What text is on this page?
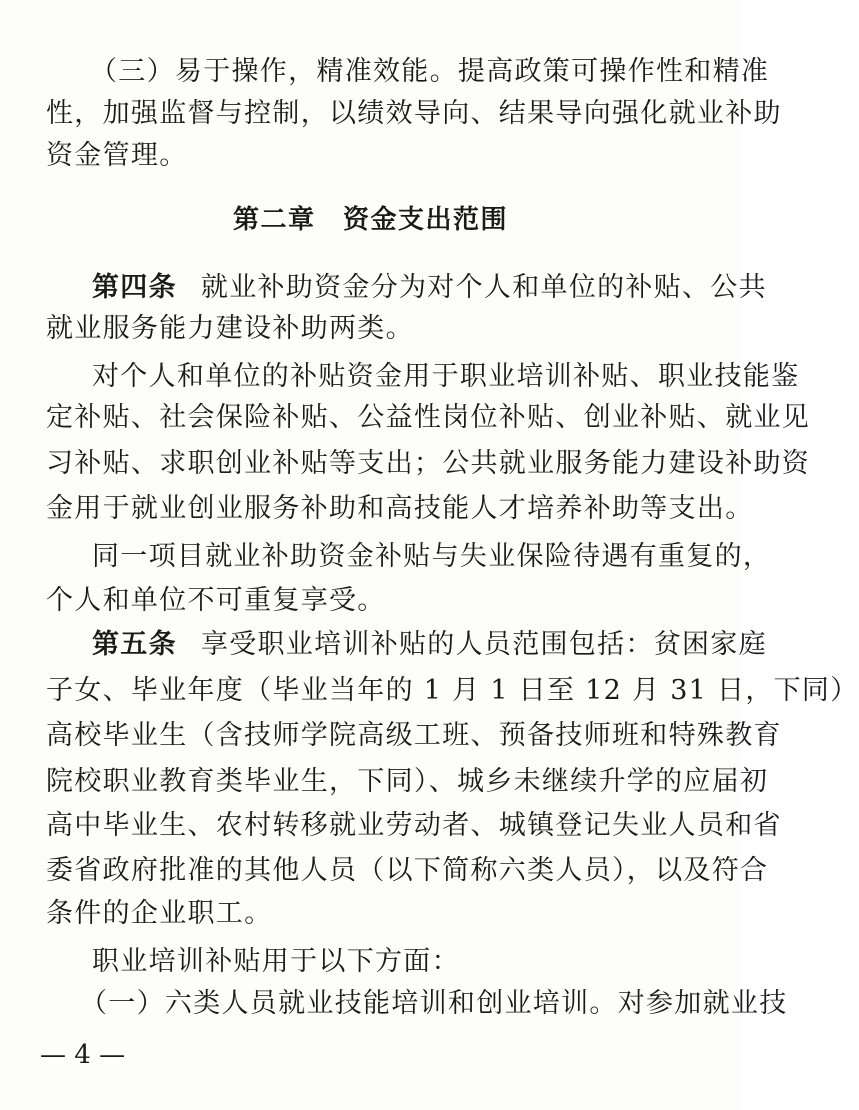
（三）易于操作，精准效能。提高政策可操作性和精准
性，加强监督与控制，以绩效导向、结果导向强化就业补助
资金管理。
第二章　资金支出范围
第四条 就业补助资金分为对个人和单位的补贴、公共
就业服务能力建设补助两类。
对个人和单位的补贴资金用于职业培训补贴、职业技能鉴
定补贴、社会保险补贴、公益性岗位补贴、创业补贴、就业见
习补贴、求职创业补贴等支出；公共就业服务能力建设补助资
金用于就业创业服务补助和高技能人才培养补助等支出。
同一项目就业补助资金补贴与失业保险待遇有重复的，
个人和单位不可重复享受。
第五条 享受职业培训补贴的人员范围包括：贫困家庭
子女、毕业年度（毕业当年的 1 月 1 日至 12 月 31 日，下同）
高校毕业生（含技师学院高级工班、预备技师班和特殊教育
院校职业教育类毕业生，下同）、城乡未继续升学的应届初
高中毕业生、农村转移就业劳动者、城镇登记失业人员和省
委省政府批准的其他人员（以下简称六类人员），以及符合
条件的企业职工。
职业培训补贴用于以下方面：
（一）六类人员就业技能培训和创业培训。对参加就业技
— 4 —
